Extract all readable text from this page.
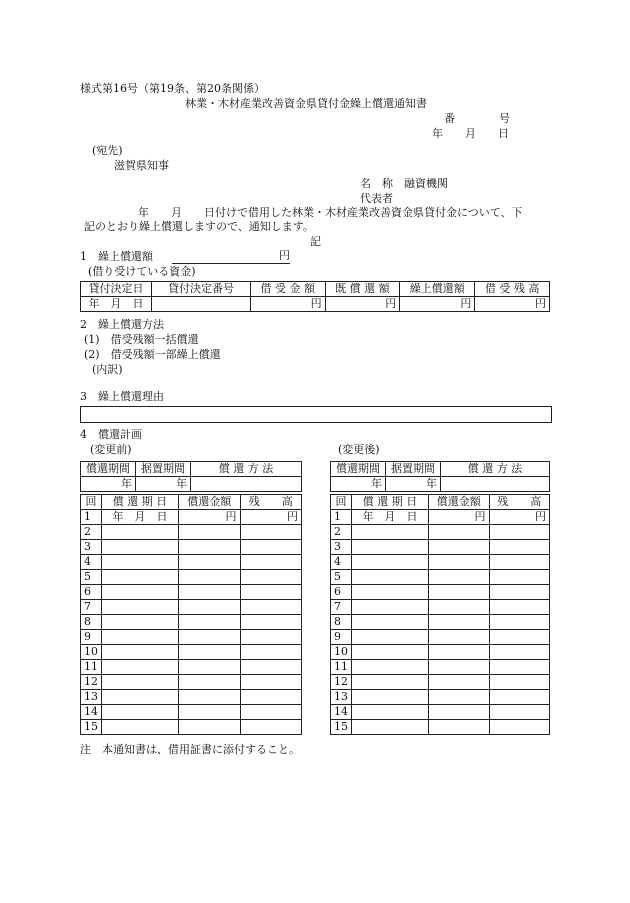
様式第16号（第19条、第20条関係）
林業・木材産業改善資金県貸付金繰上償還通知書
番　　　　号
年　　月　　日
(宛先)
滋賀県知事
名　称　融資機関
代表者
年　　月　　日付けで借用した林業・木材産業改善資金県貸付金について、下
記のとおり繰上償還しますので、通知します。
記
1　繰上償還額	円
(借り受けている資金)
貸付決定日	貸付決定番号	借 受 金 額	既 償 還 額	繰上償還額	借 受 残 高
年　月　日		円	円	円	円
2　繰上償還方法
(1)　借受残額一括償還
(2)　借受残額一部繰上償還
(内訳)
3　繰上償還理由
4　償還計画
(変更前)	(変更後)
償還期間	据置期間	償 還 方 法
年	年	
回	償 還 期 日	償還金額	残　　高
1	年　月　日	円	円
2			
3			
4			
5			
6			
7			
8			
9			
10			
11			
12			
13			
14			
15			
償還期間	据置期間	償 還 方 法
年	年	
回	償 還 期 日	償還金額	残　　高
1	年　月　日	円	円
2			
3			
4			
5			
6			
7			
8			
9			
10			
11			
12			
13			
14			
15			
注　本通知書は、借用証書に添付すること。
